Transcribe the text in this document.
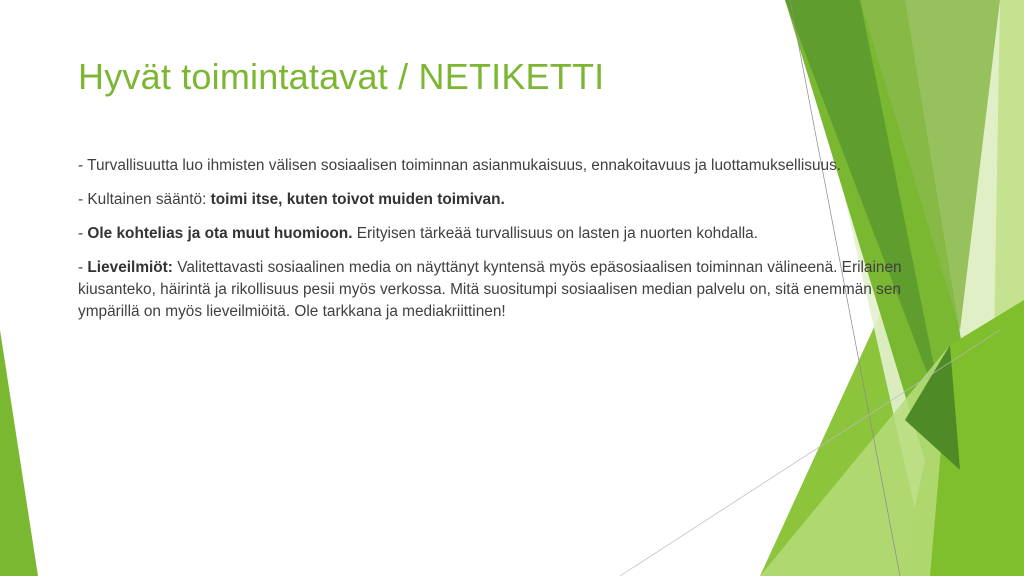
Hyvät toimintatavat / NETIKETTI

- Turvallisuutta luo ihmisten välisen sosiaalisen toiminnan asianmukaisuus, ennakoitavuus ja luottamuksellisuus.

- Kultainen sääntö: toimi itse, kuten toivot muiden toimivan.

- Ole kohtelias ja ota muut huomioon. Erityisen tärkeää turvallisuus on lasten ja nuorten kohdalla.

- Lieveilmiöt: Valitettavasti sosiaalinen media on näyttänyt kyntensä myös epäsosiaalisen toiminnan välineenä. Erilainen kiusanteko, häirintä ja rikollisuus pesii myös verkossa. Mitä suositumpi sosiaalisen median palvelu on, sitä enemmän sen ympärillä on myös lieveilmiöitä. Ole tarkkana ja mediakriittinen!
